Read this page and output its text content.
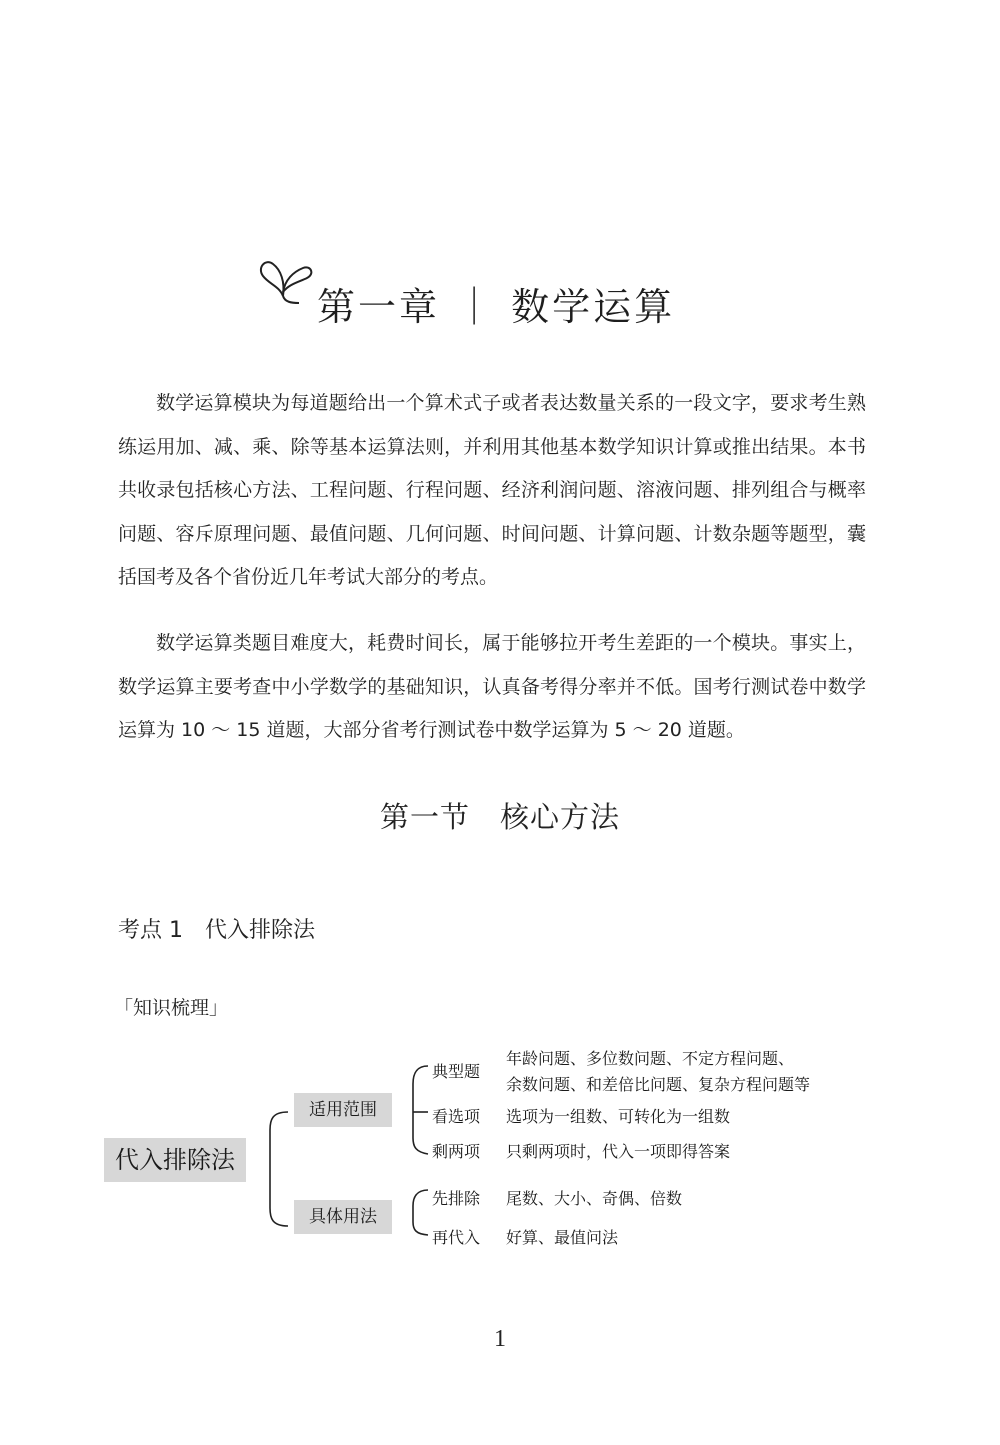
第一章 ｜ 数学运算

数学运算模块为每道题给出一个算术式子或者表达数量关系的一段文字，要求考生熟练运用加、减、乘、除等基本运算法则，并利用其他基本数学知识计算或推出结果。本书共收录包括核心方法、工程问题、行程问题、经济利润问题、溶液问题、排列组合与概率问题、容斥原理问题、最值问题、几何问题、时间问题、计算问题、计数杂题等题型，囊括国考及各个省份近几年考试大部分的考点。

数学运算类题目难度大，耗费时间长，属于能够拉开考生差距的一个模块。事实上，数学运算主要考查中小学数学的基础知识，认真备考得分率并不低。国考行测试卷中数学运算为 10 ～ 15 道题，大部分省考行测试卷中数学运算为 5 ～ 20 道题。

第一节　核心方法
考点 1　代入排除法
「知识梳理」
代入排除法
适用范围
具体用法
典型题
年龄问题、多位数问题、不定方程问题、
余数问题、和差倍比问题、复杂方程问题等
看选项 选项为一组数、可转化为一组数
剩两项 只剩两项时，代入一项即得答案
先排除 尾数、大小、奇偶、倍数
再代入 好算、最值问法
1
